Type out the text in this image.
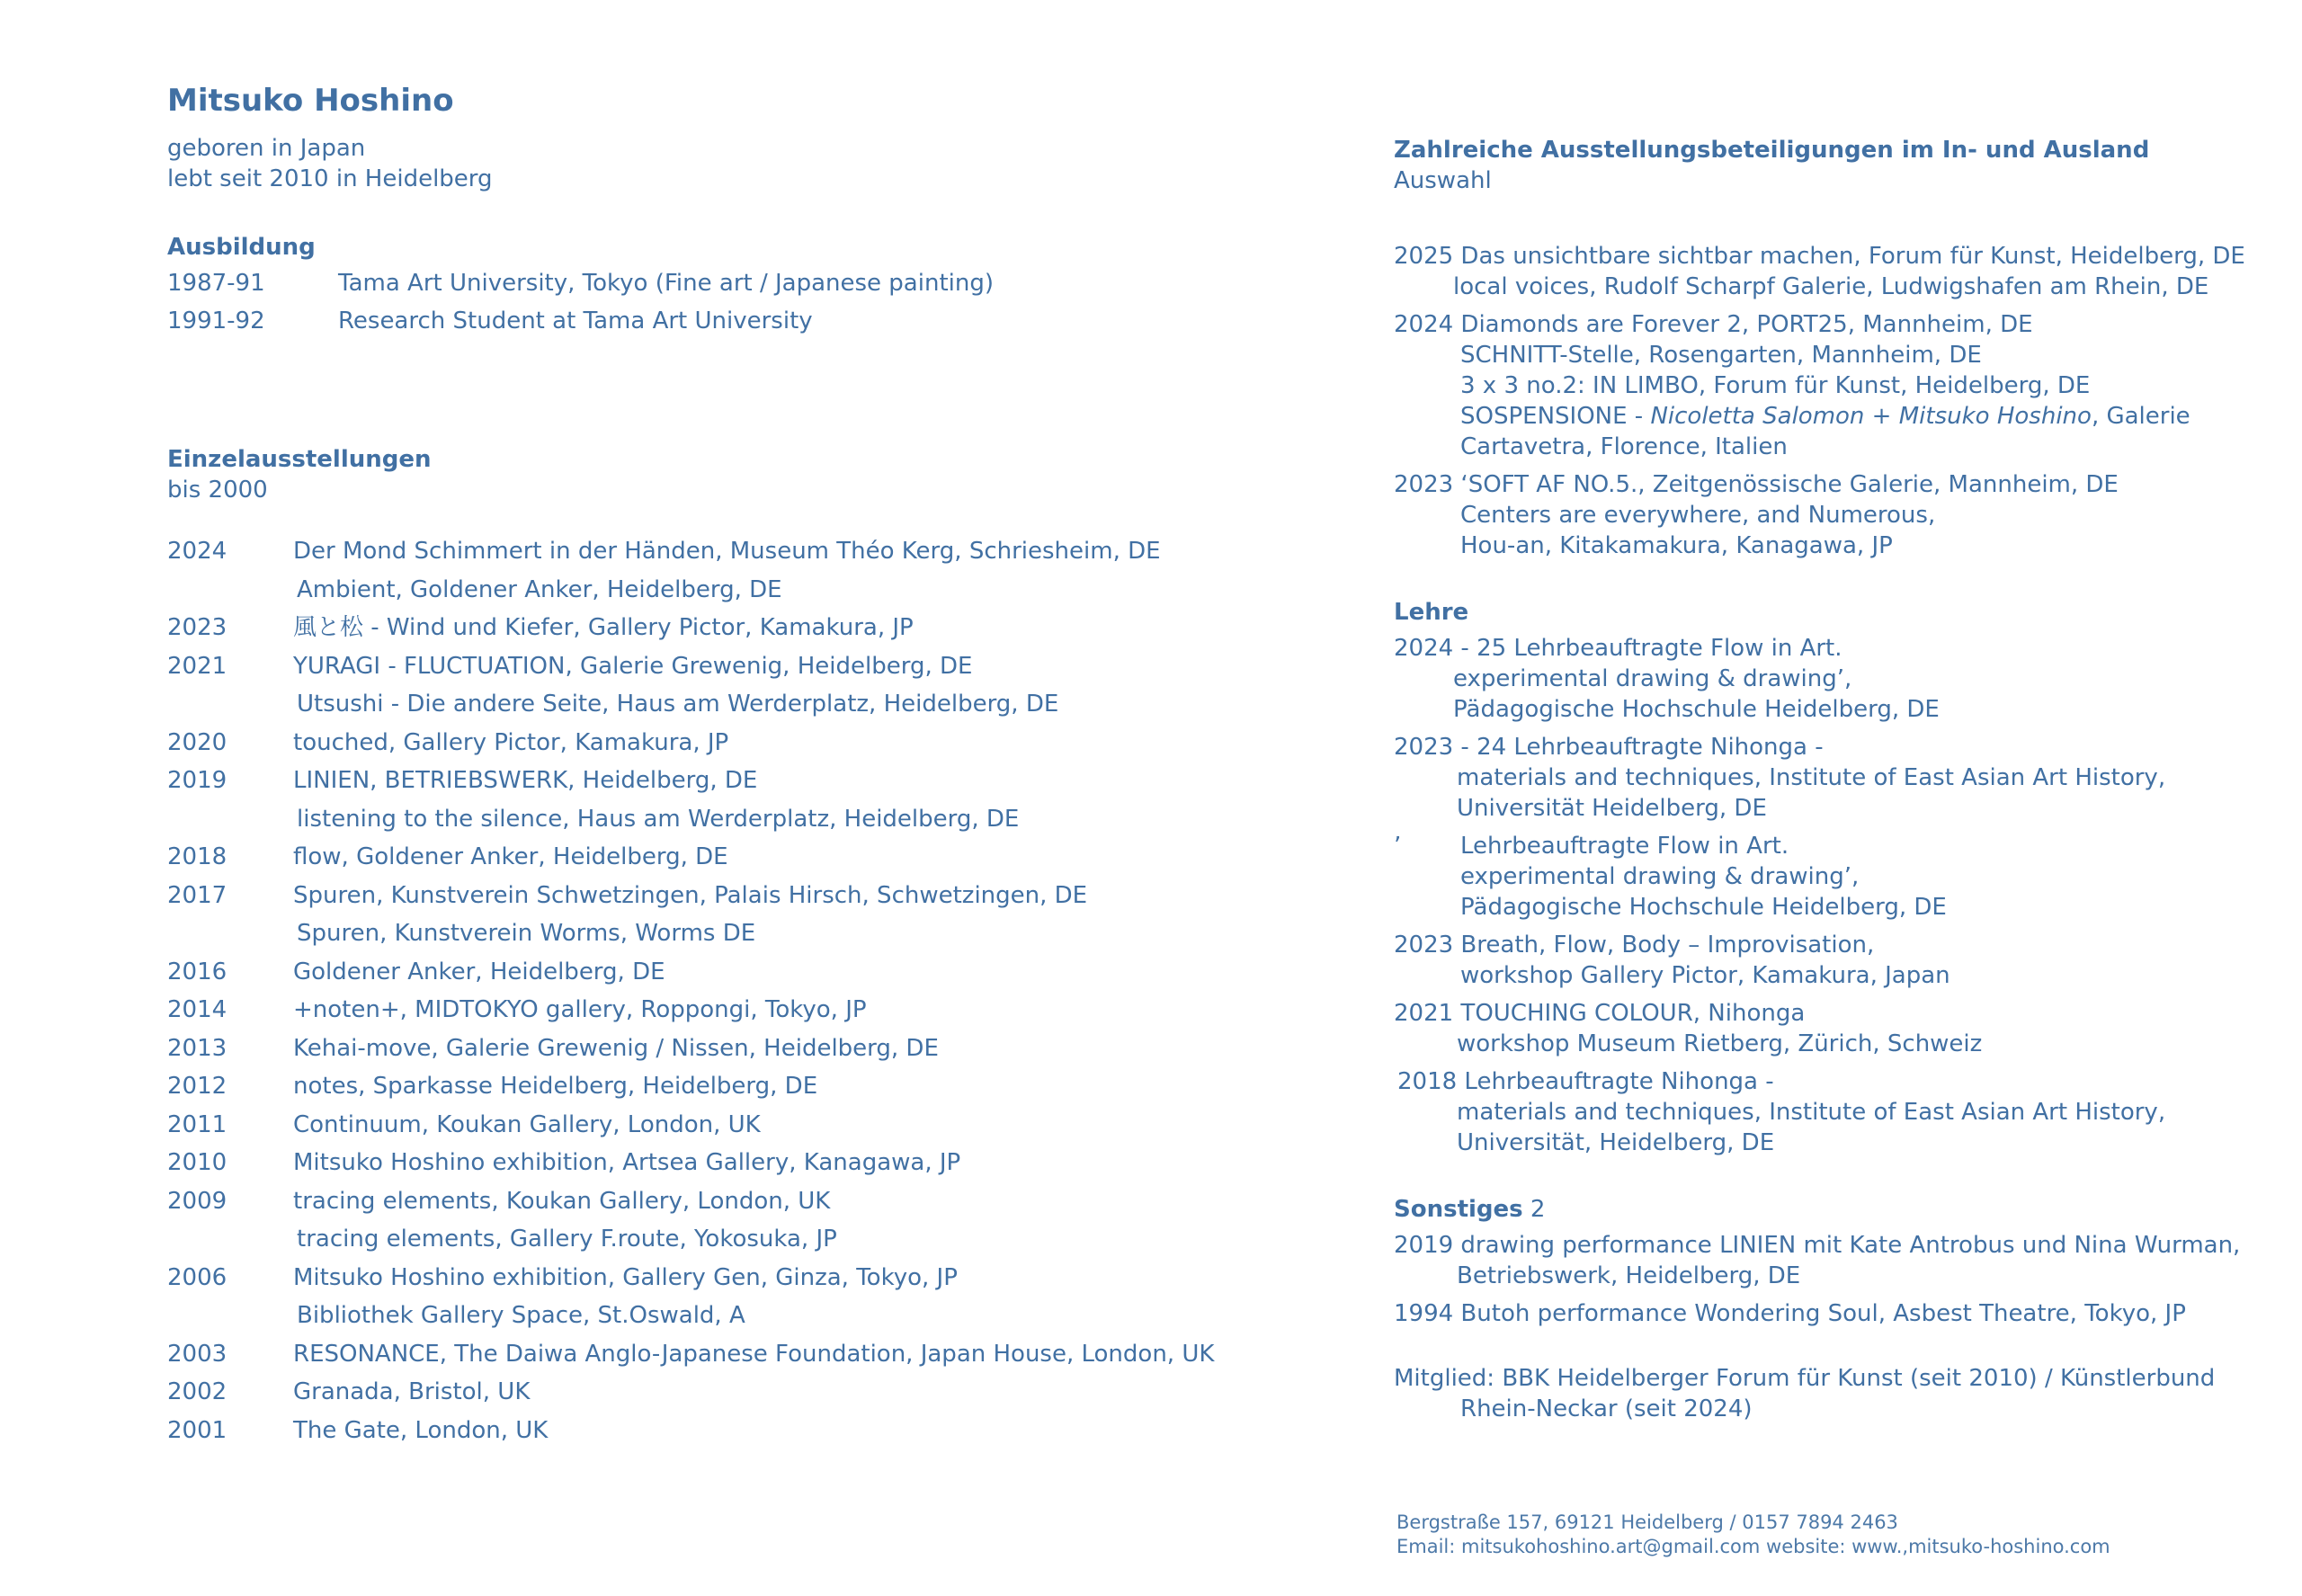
Mitsuko Hoshino
geboren in Japan
lebt seit 2010 in Heidelberg
Ausbildung
1987-91	Tama Art University, Tokyo (Fine art / Japanese painting)
1991-92	Research Student at Tama Art University
Einzelausstellungen
bis 2000
2024	Der Mond Schimmert in der Händen, Museum Théo Kerg, Schriesheim, DE
Ambient, Goldener Anker, Heidelberg, DE
2023	風と松 - Wind und Kiefer, Gallery Pictor, Kamakura, JP
2021	YURAGI - FLUCTUATION, Galerie Grewenig, Heidelberg, DE
Utsushi - Die andere Seite, Haus am Werderplatz, Heidelberg, DE
2020	touched, Gallery Pictor, Kamakura, JP
2019	LINIEN, BETRIEBSWERK, Heidelberg, DE
listening to the silence, Haus am Werderplatz, Heidelberg, DE
2018	flow, Goldener Anker, Heidelberg, DE
2017	Spuren, Kunstverein Schwetzingen, Palais Hirsch, Schwetzingen, DE
Spuren, Kunstverein Worms, Worms DE
2016	Goldener Anker, Heidelberg, DE
2014	+noten+, MIDTOKYO gallery, Roppongi, Tokyo, JP
2013	Kehai-move, Galerie Grewenig / Nissen, Heidelberg, DE
2012	notes, Sparkasse Heidelberg, Heidelberg, DE
2011	Continuum, Koukan Gallery, London, UK
2010	Mitsuko Hoshino exhibition, Artsea Gallery, Kanagawa, JP
2009	tracing elements, Koukan Gallery, London, UK
tracing elements, Gallery F.route, Yokosuka, JP
2006	Mitsuko Hoshino exhibition, Gallery Gen, Ginza, Tokyo, JP
Bibliothek Gallery Space, St.Oswald, A
2003	RESONANCE, The Daiwa Anglo-Japanese Foundation, Japan House, London, UK
2002	Granada, Bristol, UK
2001	The Gate, London, UK
Zahlreiche Ausstellungsbeteiligungen im In- und Ausland
Auswahl
2025 Das unsichtbare sichtbar machen, Forum für Kunst, Heidelberg, DE
local voices, Rudolf Scharpf Galerie, Ludwigshafen am Rhein, DE
2024 Diamonds are Forever 2, PORT25, Mannheim, DE
SCHNITT-Stelle, Rosengarten, Mannheim, DE
3 x 3 no.2: IN LIMBO, Forum für Kunst, Heidelberg, DE
SOSPENSIONE - Nicoletta Salomon + Mitsuko Hoshino, Galerie
Cartavetra, Florence, Italien
2023 ‘SOFT AF NO.5., Zeitgenössische Galerie, Mannheim, DE
Centers are everywhere, and Numerous,
Hou-an, Kitakamakura, Kanagawa, JP
Lehre
2024 - 25 Lehrbeauftragte Flow in Art.
experimental drawing & drawing’,
Pädagogische Hochschule Heidelberg, DE
2023 - 24 Lehrbeauftragte Nihonga -
materials and techniques, Institute of East Asian Art History,
Universität Heidelberg, DE
’	Lehrbeauftragte Flow in Art.
experimental drawing & drawing’,
Pädagogische Hochschule Heidelberg, DE
2023 Breath, Flow, Body – Improvisation,
workshop Gallery Pictor, Kamakura, Japan
2021 TOUCHING COLOUR, Nihonga
workshop Museum Rietberg, Zürich, Schweiz
2018 Lehrbeauftragte Nihonga -
materials and techniques, Institute of East Asian Art History,
Universität, Heidelberg, DE
Sonstiges 2
2019 drawing performance LINIEN mit Kate Antrobus und Nina Wurman,
Betriebswerk, Heidelberg, DE
1994 Butoh performance Wondering Soul, Asbest Theatre, Tokyo, JP
Mitglied: BBK Heidelberger Forum für Kunst (seit 2010) / Künstlerbund
Rhein-Neckar (seit 2024)
Bergstraße 157, 69121 Heidelberg / 0157 7894 2463
Email: mitsukohoshino.art@gmail.com website: www.,mitsuko-hoshino.com
